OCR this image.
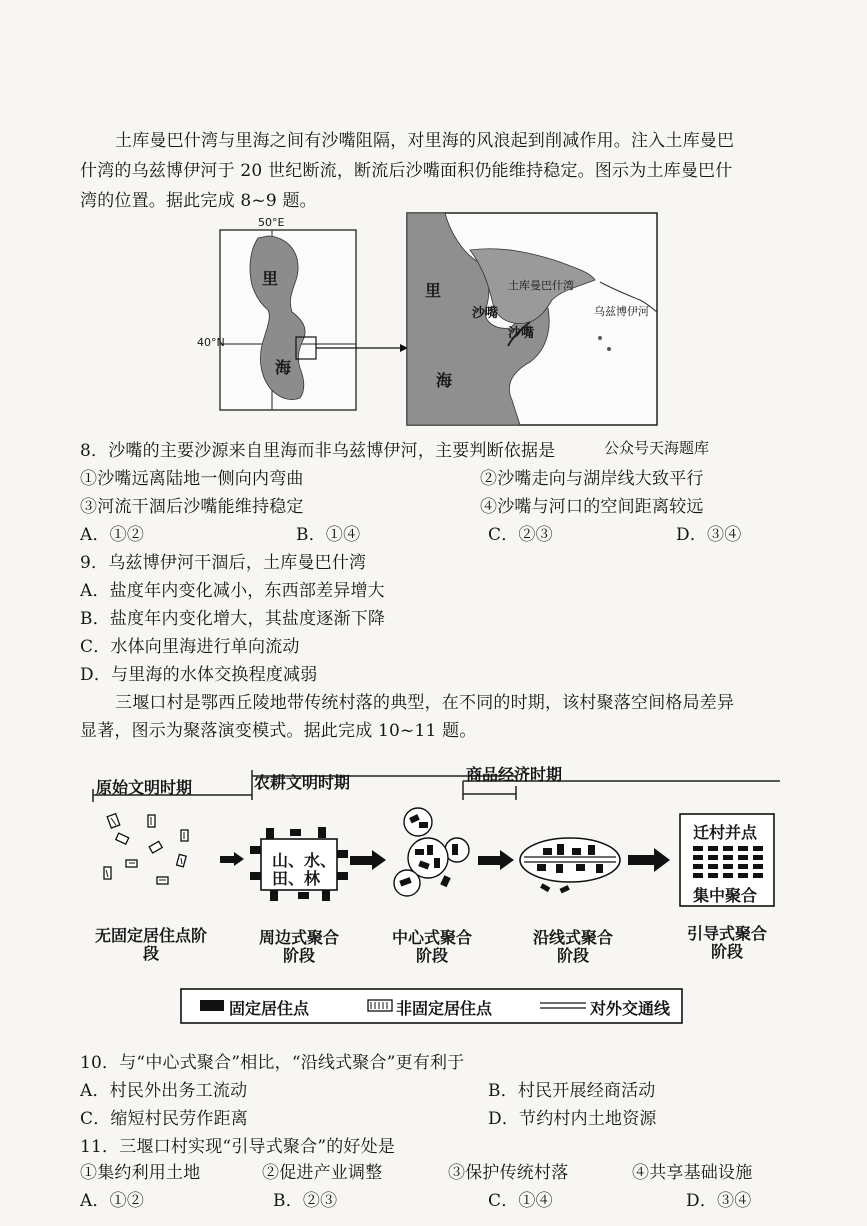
土库曼巴什湾与里海之间有沙嘴阻隔，对里海的风浪起到削减作用。注入土库曼巴
什湾的乌兹博伊河于 20 世纪断流，断流后沙嘴面积仍能维持稳定。图示为土库曼巴什
湾的位置。据此完成 8~9 题。
50°E
40°N
里
海
里
海
土库曼巴什湾
沙嘴
沙嘴
乌兹博伊河
8．沙嘴的主要沙源来自里海而非乌兹博伊河，主要判断依据是	公众号天海题库
①沙嘴远离陆地一侧向内弯曲	②沙嘴走向与湖岸线大致平行
③河流干涸后沙嘴能维持稳定	④沙嘴与河口的空间距离较远
A．①②	B．①④	C．②③	D．③④
9．乌兹博伊河干涸后，土库曼巴什湾
A．盐度年内变化减小，东西部差异增大
B．盐度年内变化增大，其盐度逐渐下降
C．水体向里海进行单向流动
D．与里海的水体交换程度减弱
三堰口村是鄂西丘陵地带传统村落的典型，在不同的时期，该村聚落空间格局差异
显著，图示为聚落演变模式。据此完成 10~11 题。
原始文明时期	农耕文明时期	商品经济时期
山、水、
田、林
迁村并点
集中聚合
无固定居住点阶段
周边式聚合阶段
中心式聚合阶段
沿线式聚合阶段
引导式聚合阶段
固定居住点	非固定居住点	对外交通线
10．与“中心式聚合”相比，“沿线式聚合”更有利于
A．村民外出务工流动	B．村民开展经商活动
C．缩短村民劳作距离	D．节约村内土地资源
11．三堰口村实现“引导式聚合”的好处是
①集约利用土地	②促进产业调整	③保护传统村落	④共享基础设施
A．①②	B．②③	C．①④	D．③④
